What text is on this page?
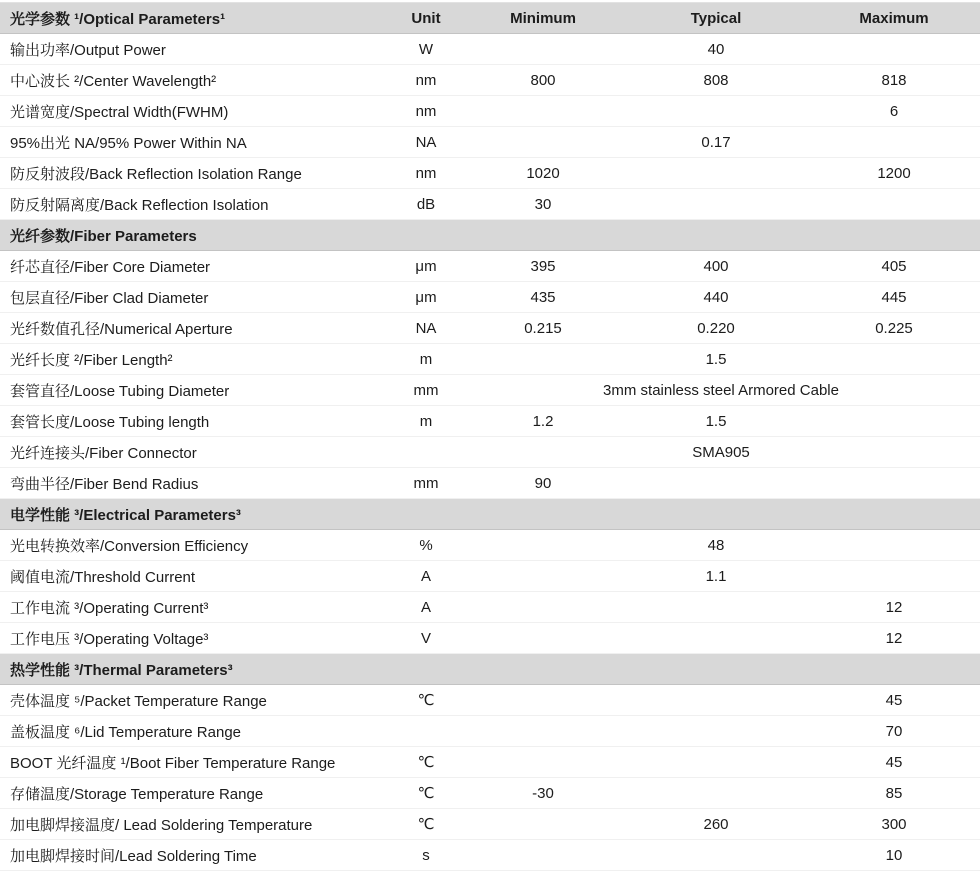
光学参数 ¹/Optical Parameters¹	Unit	Minimum	Typical	Maximum
输出功率/Output Power	W		40	
中心波长 ²/Center Wavelength²	nm	800	808	818
光谱宽度/Spectral Width(FWHM)	nm			6
95%出光 NA/95% Power Within NA	NA		0.17	
防反射波段/Back Reflection Isolation Range	nm	1020		1200
防反射隔离度/Back Reflection Isolation	dB	30		
光纤参数/Fiber Parameters				
纤芯直径/Fiber Core Diameter	μm	395	400	405
包层直径/Fiber Clad Diameter	μm	435	440	445
光纤数值孔径/Numerical Aperture	NA	0.215	0.220	0.225
光纤长度 ²/Fiber Length²	m		1.5	
套管直径/Loose Tubing Diameter	mm	3mm stainless steel Armored Cable		
套管长度/Loose Tubing length	m	1.2	1.5	
光纤连接头/Fiber Connector		SMA905		
弯曲半径/Fiber Bend Radius	mm	90		
电学性能 ³/Electrical Parameters³				
光电转换效率/Conversion Efficiency	%		48	
阈值电流/Threshold Current	A		1.1	
工作电流 ³/Operating Current³	A			12
工作电压 ³/Operating Voltage³	V			12
热学性能 ³/Thermal Parameters³				
壳体温度 ⁵/Packet Temperature Range	℃			45
盖板温度 ⁶/Lid Temperature Range				70
BOOT 光纤温度 ¹/Boot Fiber Temperature Range	℃			45
存储温度/Storage Temperature Range	℃	-30		85
加电脚焊接温度/ Lead Soldering Temperature	℃		260	300
加电脚焊接时间/Lead Soldering Time	s			10
